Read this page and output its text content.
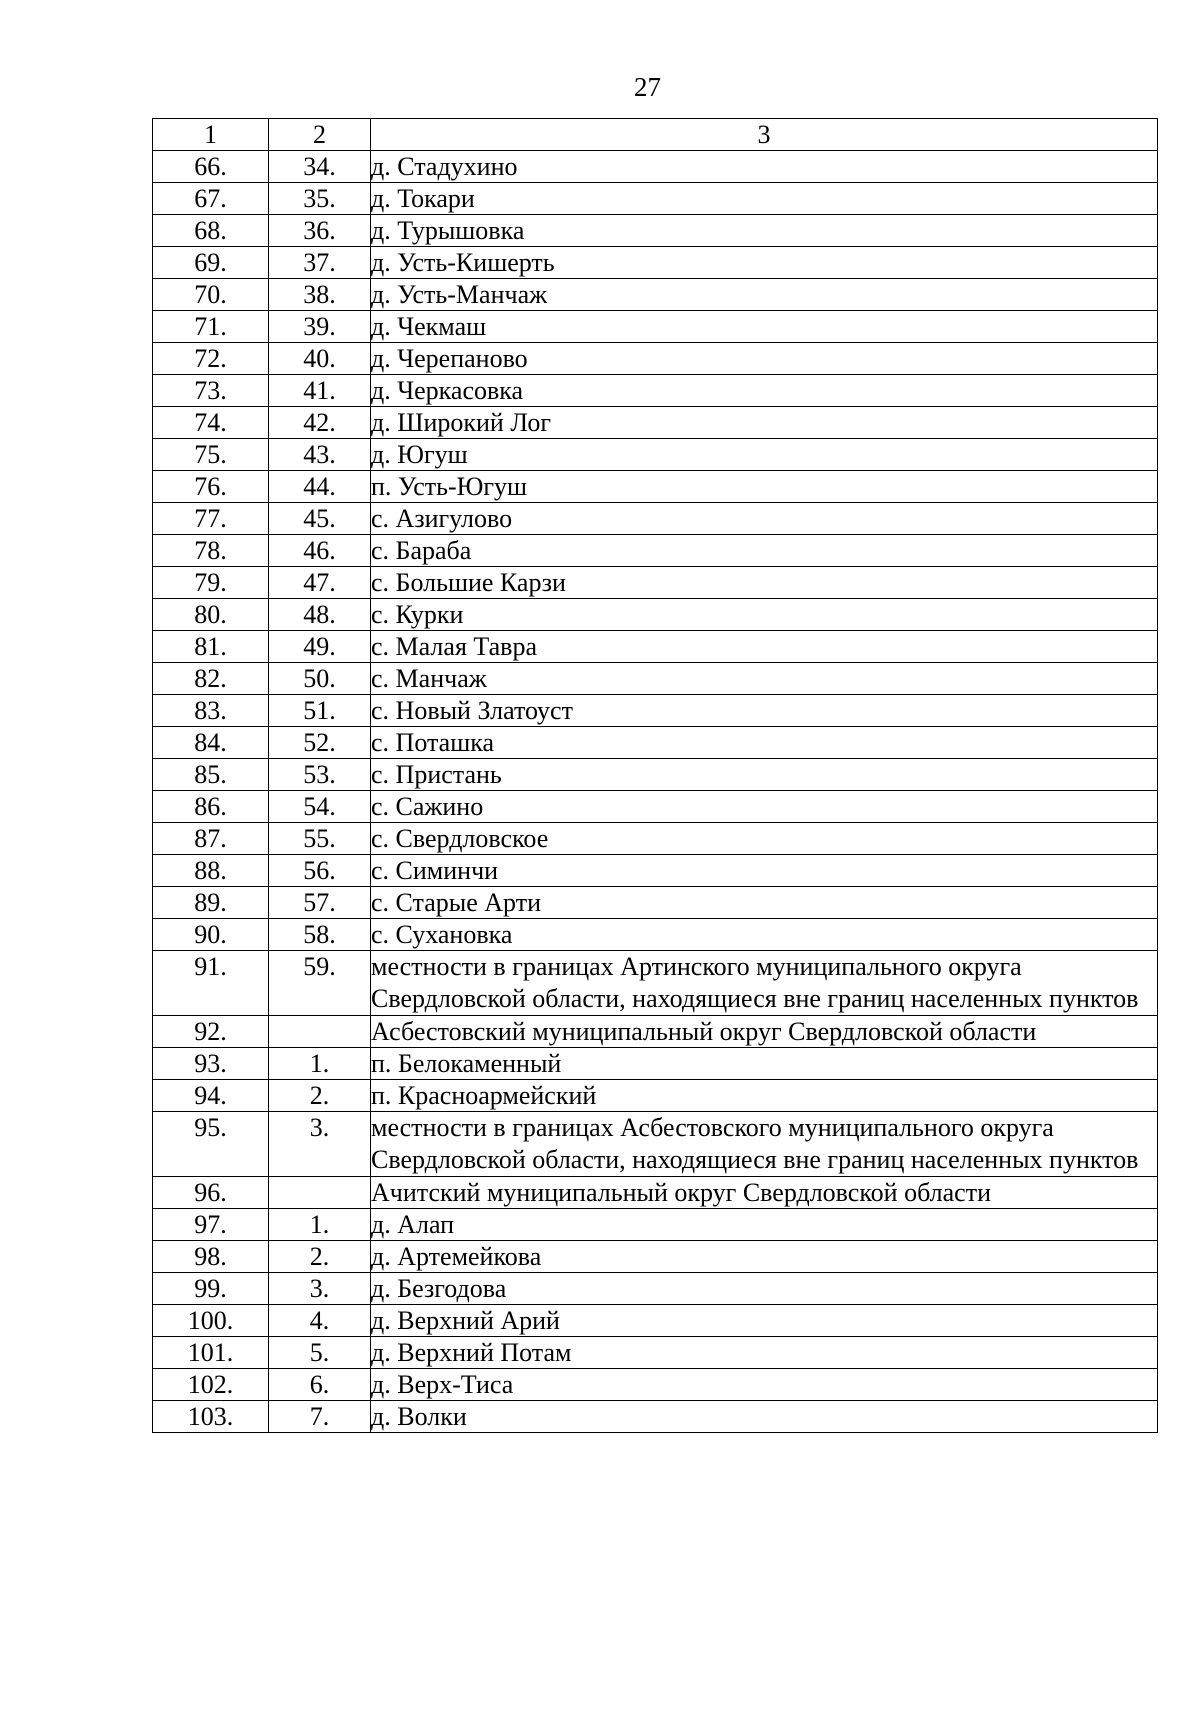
27
1	2	3
66.	34.	д. Стадухино
67.	35.	д. Токари
68.	36.	д. Турышовка
69.	37.	д. Усть-Кишерть
70.	38.	д. Усть-Манчаж
71.	39.	д. Чекмаш
72.	40.	д. Черепаново
73.	41.	д. Черкасовка
74.	42.	д. Широкий Лог
75.	43.	д. Югуш
76.	44.	п. Усть-Югуш
77.	45.	с. Азигулово
78.	46.	с. Бараба
79.	47.	с. Большие Карзи
80.	48.	с. Курки
81.	49.	с. Малая Тавра
82.	50.	с. Манчаж
83.	51.	с. Новый Златоуст
84.	52.	с. Поташка
85.	53.	с. Пристань
86.	54.	с. Сажино
87.	55.	с. Свердловское
88.	56.	с. Симинчи
89.	57.	с. Старые Арти
90.	58.	с. Сухановка
91.	59.	местности в границах Артинского муниципального округа Свердловской области, находящиеся вне границ населенных пунктов
92.		Асбестовский муниципальный округ Свердловской области
93.	1.	п. Белокаменный
94.	2.	п. Красноармейский
95.	3.	местности в границах Асбестовского муниципального округа Свердловской области, находящиеся вне границ населенных пунктов
96.		Ачитский муниципальный округ Свердловской области
97.	1.	д. Алап
98.	2.	д. Артемейкова
99.	3.	д. Безгодова
100.	4.	д. Верхний Арий
101.	5.	д. Верхний Потам
102.	6.	д. Верх-Тиса
103.	7.	д. Волки
